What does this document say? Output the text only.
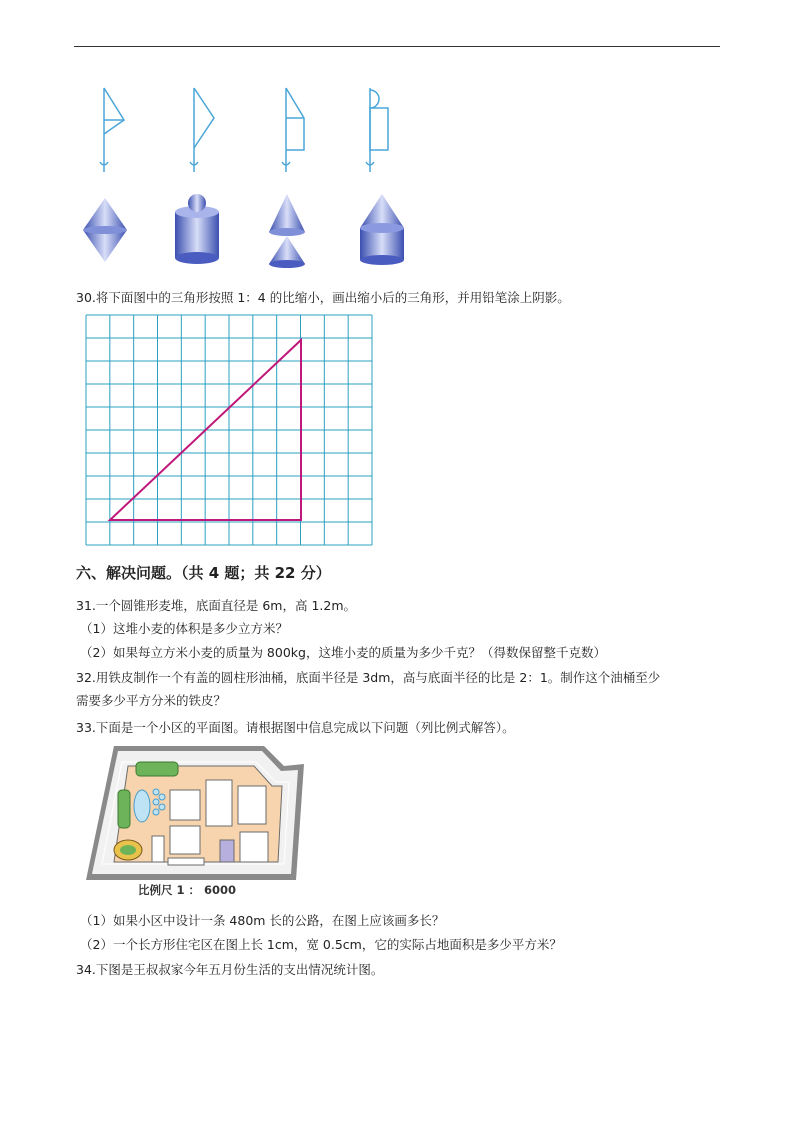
30.将下面图中的三角形按照 1：4 的比缩小，画出缩小后的三角形，并用铅笔涂上阴影。
六、解决问题。（共 4 题；共 22 分）
31.一个圆锥形麦堆，底面直径是 6m，高 1.2m。
（1）这堆小麦的体积是多少立方米？
（2）如果每立方米小麦的质量为 800kg，这堆小麦的质量为多少千克？（得数保留整千克数）
32.用铁皮制作一个有盖的圆柱形油桶，底面半径是 3dm，高与底面半径的比是 2：1。制作这个油桶至少
需要多少平方分米的铁皮？
33.下面是一个小区的平面图。请根据图中信息完成以下问题（列比例式解答）。
比例尺 1 ： 6000
（1）如果小区中设计一条 480m 长的公路，在图上应该画多长？
（2）一个长方形住宅区在图上长 1cm，宽 0.5cm，它的实际占地面积是多少平方米？
34.下图是王叔叔家今年五月份生活的支出情况统计图。
